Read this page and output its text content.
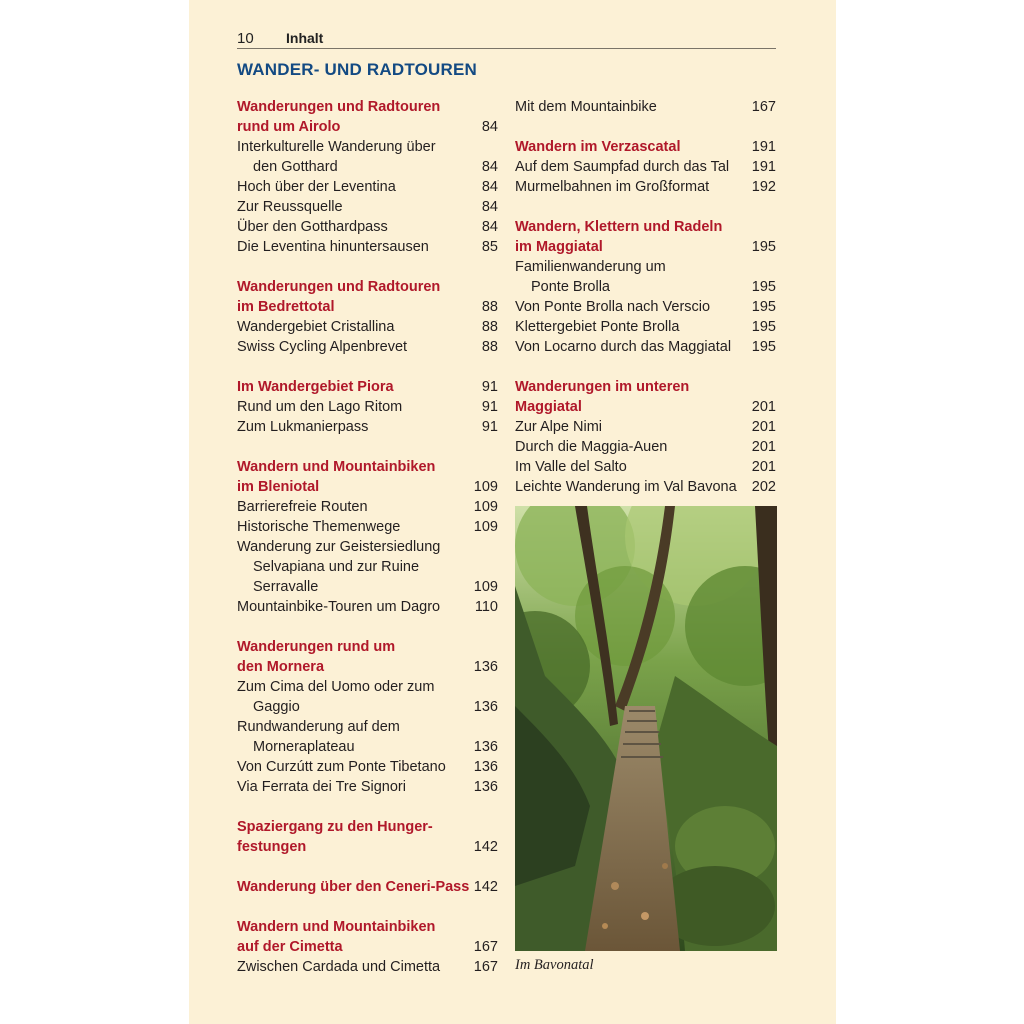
10 Inhalt
WANDER- UND RADTOUREN
Wanderungen und Radtouren
rund um Airolo	84
Interkulturelle Wanderung über
den Gotthard	84
Hoch über der Leventina	84
Zur Reussquelle	84
Über den Gotthardpass	84
Die Leventina hinuntersausen	85
Wanderungen und Radtouren
im Bedrettotal	88
Wandergebiet Cristallina	88
Swiss Cycling Alpenbrevet	88
Im Wandergebiet Piora	91
Rund um den Lago Ritom	91
Zum Lukmanierpass	91
Wandern und Mountainbiken
im Bleniotal	109
Barrierefreie Routen	109
Historische Themenwege	109
Wanderung zur Geistersiedlung
Selvapiana und zur Ruine
Serravalle	109
Mountainbike-Touren um Dagro	110
Wanderungen rund um
den Mornera	136
Zum Cima del Uomo oder zum
Gaggio	136
Rundwanderung auf dem
Morneraplateau	136
Von Curzútt zum Ponte Tibetano	136
Via Ferrata dei Tre Signori	136
Spaziergang zu den Hunger-
festungen	142
Wanderung über den Ceneri-Pass 142
Wandern und Mountainbiken
auf der Cimetta	167
Zwischen Cardada und Cimetta	167
Mit dem Mountainbike	167
Wandern im Verzascatal	191
Auf dem Saumpfad durch das Tal	191
Murmelbahnen im Großformat	192
Wandern, Klettern und Radeln
im Maggiatal	195
Familienwanderung um
Ponte Brolla	195
Von Ponte Brolla nach Verscio	195
Klettergebiet Ponte Brolla	195
Von Locarno durch das Maggiatal	195
Wanderungen im unteren
Maggiatal	201
Zur Alpe Nimi	201
Durch die Maggia-Auen	201
Im Valle del Salto	201
Leichte Wanderung im Val Bavona	202
Im Bavonatal
